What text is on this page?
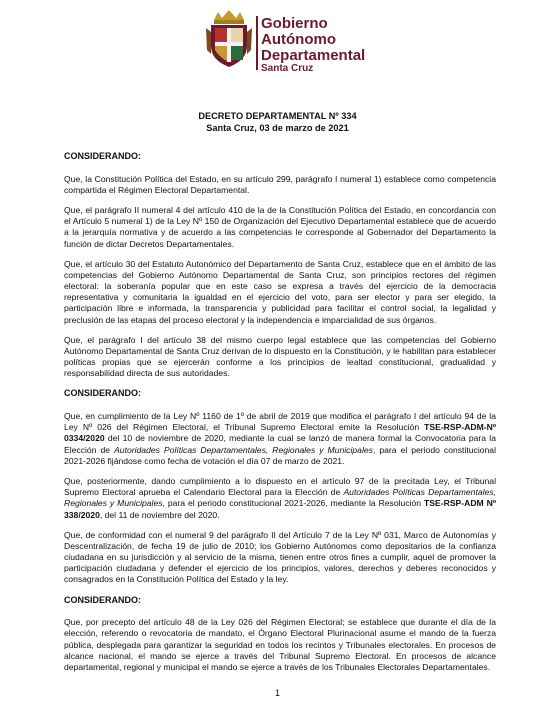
Gobierno
Autónomo
Departamental
Santa Cruz
DECRETO DEPARTAMENTAL Nº 334
Santa Cruz, 03 de marzo de 2021
CONSIDERANDO:

Que, la Constitución Política del Estado, en su artículo 299, parágrafo I numeral 1) establece como competencia compartida el Régimen Electoral Departamental.

Que, el parágrafo II numeral 4 del artículo 410 de la de la Constitución Política del Estado, en concordancia con el Artículo 5 numeral 1) de la Ley Nº 150 de Organización del Ejecutivo Departamental establece que de acuerdo a la jerarquía normativa y de acuerdo a las competencias le corresponde al Gobernador del Departamento la función de dictar Decretos Departamentales.

Que, el artículo 30 del Estatuto Autonómico del Departamento de Santa Cruz, establece que en el ámbito de las competencias del Gobierno Autónomo Departamental de Santa Cruz, son principios rectores del régimen electoral: la soberanía popular que en este caso se expresa a través del ejercicio de la democracia representativa y comunitaria la igualdad en el ejercicio del voto, para ser elector y para ser elegido, la participación libre e informada, la transparencia y publicidad para facilitar el control social, la legalidad y preclusión de las etapas del proceso electoral y la independencia e imparcialidad de sus órganos.

Que, el parágrafo I del artículo 38 del mismo cuerpo legal establece que las competencias del Gobierno Autónomo Departamental de Santa Cruz derivan de lo dispuesto en la Constitución, y le habilitan para establecer políticas propias que se ejercerán conforme a los principios de lealtad constitucional, gradualidad y responsabilidad directa de sus autoridades.

CONSIDERANDO:

Que, en cumplimiento de la Ley Nº 1160 de 1º de abril de 2019 que modifica el parágrafo I del artículo 94 de la Ley Nº 026 del Régimen Electoral, el Tribunal Supremo Electoral emite la Resolución TSE-RSP-ADM-Nº 0334/2020 del 10 de noviembre de 2020, mediante la cual se lanzó de manera formal la Convocatoria para la Elección de Autoridades Políticas Departamentales, Regionales y Municipales, para el periodo constitucional 2021-2026 fijándose como fecha de votación el día 07 de marzo de 2021.

Que, posteriormente, dando cumplimiento a lo dispuesto en el artículo 97 de la precitada Ley, el Tribunal Supremo Electoral aprueba el Calendario Electoral para la Elección de Autoridades Políticas Departamentales, Regionales y Municipales, para el periodo constitucional 2021-2026, mediante la Resolución TSE-RSP-ADM Nº 338/2020, del 11 de noviembre del 2020.

Que, de conformidad con el numeral 9 del parágrafo II del Artículo 7 de la Ley Nº 031, Marco de Autonomías y Descentralización, de fecha 19 de julio de 2010; los Gobierno Autónomos como depositarios de la confianza ciudadana en su jurisdicción y al servicio de la misma, tienen entre otros fines a cumplir, aquel de promover la participación ciudadana y defender el ejercicio de los principios, valores, derechos y deberes reconocidos y consagrados en la Constitución Política del Estado y la ley.

CONSIDERANDO:

Que, por precepto del artículo 48 de la Ley 026 del Régimen Electoral; se establece que durante el día de la elección, referendo o revocatoria de mandato, el Órgano Electoral Plurinacional asume el mando de la fuerza pública, desplegada para garantizar la seguridad en todos los recintos y Tribunales electorales. En procesos de alcance nacional, el mando se ejerce a través del Tribunal Supremo Electoral. En procesos de alcance departamental, regional y municipal el mando se ejerce a través de los Tribunales Electorales Departamentales.

1
